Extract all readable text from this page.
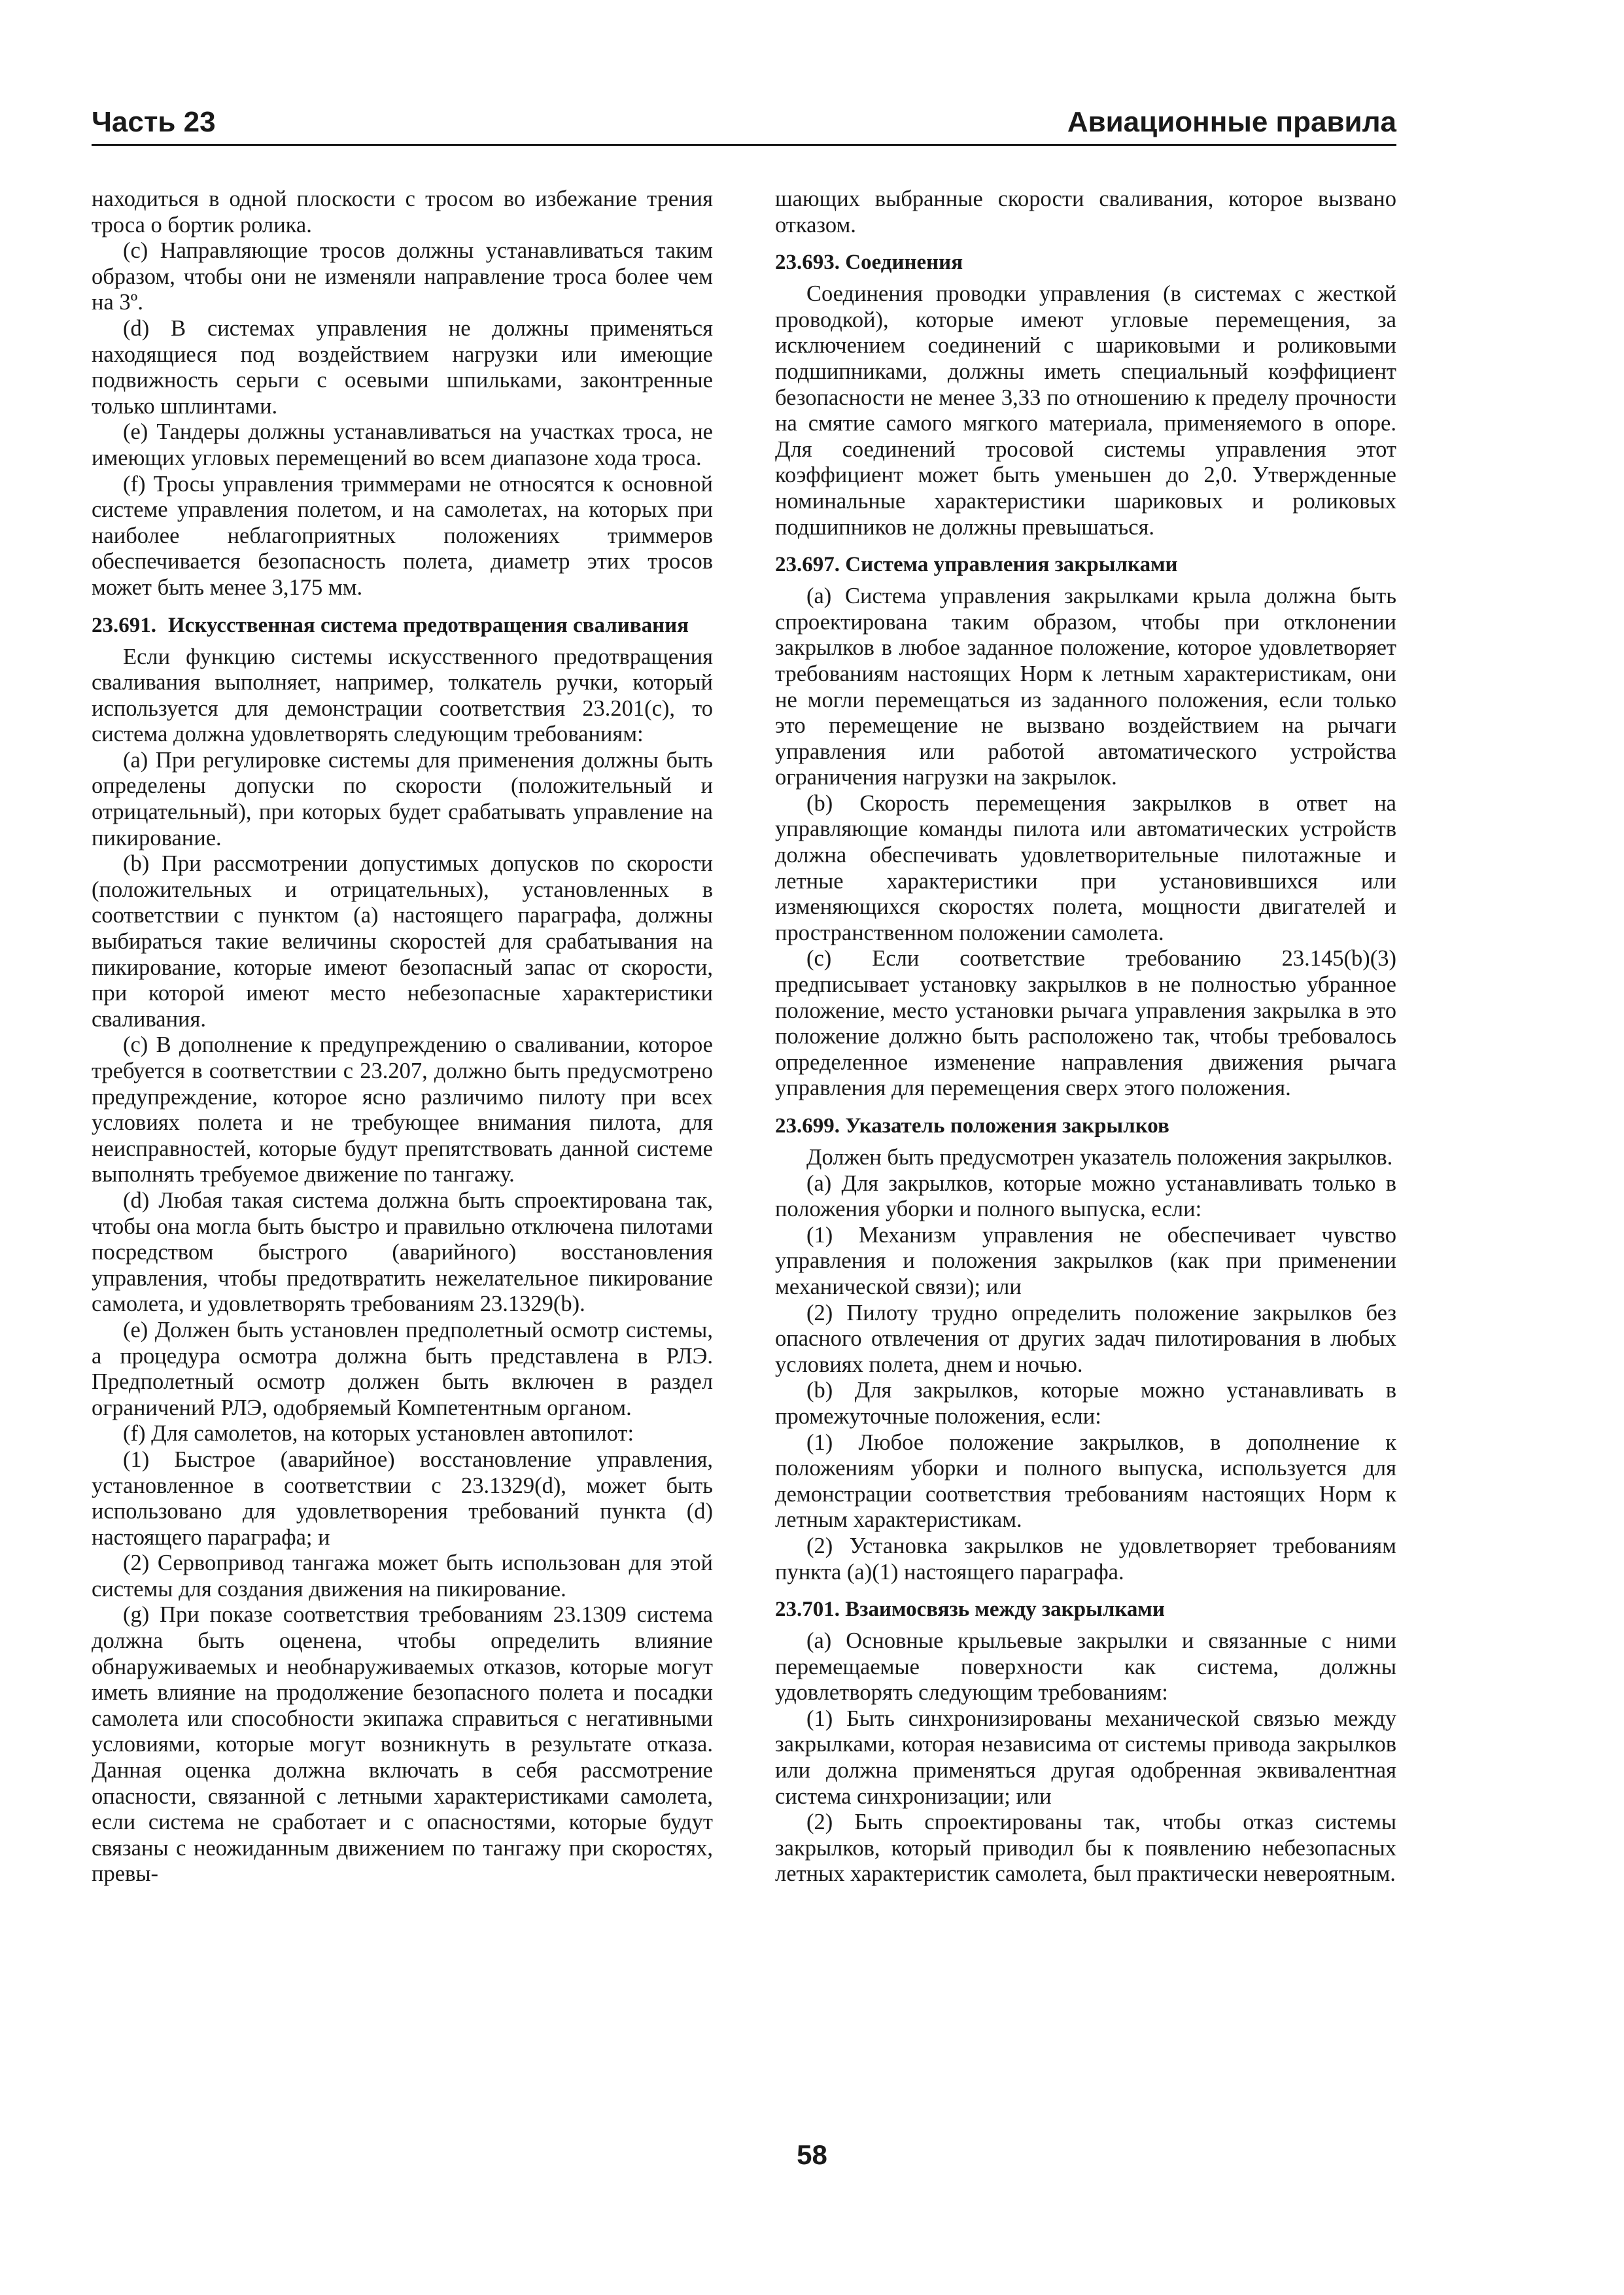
Часть 23	Авиационные правила

находиться в одной плоскости с тросом во избежание трения троса о бортик ролика.

(с) Направляющие тросов должны устанавливаться таким образом, чтобы они не изменяли направление троса более чем на 3º.

(d) В системах управления не должны применяться находящиеся под воздействием нагрузки или имеющие подвижность серьги с осевыми шпильками, законтренные только шплинтами.

(е) Тандеры должны устанавливаться на участках троса, не имеющих угловых перемещений во всем диапазоне хода троса.

(f) Тросы управления триммерами не относятся к основной системе управления полетом, и на самолетах, на которых при наиболее неблагоприятных положениях триммеров обеспечивается безопасность полета, диаметр этих тросов может быть менее 3,175 мм.

23.691. Искусственная система предотвращения сваливания

Если функцию системы искусственного предотвращения сваливания выполняет, например, толкатель ручки, который используется для демонстрации соответствия 23.201(с), то система должна удовлетворять следующим требованиям:

(а) При регулировке системы для применения должны быть определены допуски по скорости (положительный и отрицательный), при которых будет срабатывать управление на пикирование.

(b) При рассмотрении допустимых допусков по скорости (положительных и отрицательных), установленных в соответствии с пунктом (а) настоящего параграфа, должны выбираться такие величины скоростей для срабатывания на пикирование, которые имеют безопасный запас от скорости, при которой имеют место небезопасные характеристики сваливания.

(с) В дополнение к предупреждению о сваливании, которое требуется в соответствии с 23.207, должно быть предусмотрено предупреждение, которое ясно различимо пилоту при всех условиях полета и не требующее внимания пилота, для неисправностей, которые будут препятствовать данной системе выполнять требуемое движение по тангажу.

(d) Любая такая система должна быть спроектирована так, чтобы она могла быть быстро и правильно отключена пилотами посредством быстрого (аварийного) восстановления управления, чтобы предотвратить нежелательное пикирование самолета, и удовлетворять требованиям 23.1329(b).

(е) Должен быть установлен предполетный осмотр системы, а процедура осмотра должна быть представлена в РЛЭ. Предполетный осмотр должен быть включен в раздел ограничений РЛЭ, одобряемый Компетентным органом.

(f) Для самолетов, на которых установлен автопилот:

(1) Быстрое (аварийное) восстановление управления, установленное в соответствии с 23.1329(d), может быть использовано для удовлетворения требований пункта (d) настоящего параграфа; и

(2) Сервопривод тангажа может быть использован для этой системы для создания движения на пикирование.

(g) При показе соответствия требованиям 23.1309 система должна быть оценена, чтобы определить влияние обнаруживаемых и необнаруживаемых отказов, которые могут иметь влияние на продолжение безопасного полета и посадки самолета или способности экипажа справиться с негативными условиями, которые могут возникнуть в результате отказа. Данная оценка должна включать в себя рассмотрение опасности, связанной с летными характеристиками самолета, если система не сработает и с опасностями, которые будут связаны с неожиданным движением по тангажу при скоростях, превы-

шающих выбранные скорости сваливания, которое вызвано отказом.

23.693. Соединения

Соединения проводки управления (в системах с жесткой проводкой), которые имеют угловые перемещения, за исключением соединений с шариковыми и роликовыми подшипниками, должны иметь специальный коэффициент безопасности не менее 3,33 по отношению к пределу прочности на смятие самого мягкого материала, применяемого в опоре. Для соединений тросовой системы управления этот коэффициент может быть уменьшен до 2,0. Утвержденные номинальные характеристики шариковых и роликовых подшипников не должны превышаться.

23.697. Система управления закрылками

(а) Система управления закрылками крыла должна быть спроектирована таким образом, чтобы при отклонении закрылков в любое заданное положение, которое удовлетворяет требованиям настоящих Норм к летным характеристикам, они не могли перемещаться из заданного положения, если только это перемещение не вызвано воздействием на рычаги управления или работой автоматического устройства ограничения нагрузки на закрылок.

(b) Скорость перемещения закрылков в ответ на управляющие команды пилота или автоматических устройств должна обеспечивать удовлетворительные пилотажные и летные характеристики при установившихся или изменяющихся скоростях полета, мощности двигателей и пространственном положении самолета.

(с) Если соответствие требованию 23.145(b)(3) предписывает установку закрылков в не полностью убранное положение, место установки рычага управления закрылка в это положение должно быть расположено так, чтобы требовалось определенное изменение направления движения рычага управления для перемещения сверх этого положения.

23.699. Указатель положения закрылков

Должен быть предусмотрен указатель положения закрылков.

(а) Для закрылков, которые можно устанавливать только в положения уборки и полного выпуска, если:

(1) Механизм управления не обеспечивает чувство управления и положения закрылков (как при применении механической связи); или

(2) Пилоту трудно определить положение закрылков без опасного отвлечения от других задач пилотирования в любых условиях полета, днем и ночью.

(b) Для закрылков, которые можно устанавливать в промежуточные положения, если:

(1) Любое положение закрылков, в дополнение к положениям уборки и полного выпуска, используется для демонстрации соответствия требованиям настоящих Норм к летным характеристикам.

(2) Установка закрылков не удовлетворяет требованиям пункта (а)(1) настоящего параграфа.

23.701. Взаимосвязь между закрылками

(а) Основные крыльевые закрылки и связанные с ними перемещаемые поверхности как система, должны удовлетворять следующим требованиям:

(1) Быть синхронизированы механической связью между закрылками, которая независима от системы привода закрылков или должна применяться другая одобренная эквивалентная система синхронизации; или

(2) Быть спроектированы так, чтобы отказ системы закрылков, который приводил бы к появлению небезопасных летных характеристик самолета, был практически невероятным.

58
